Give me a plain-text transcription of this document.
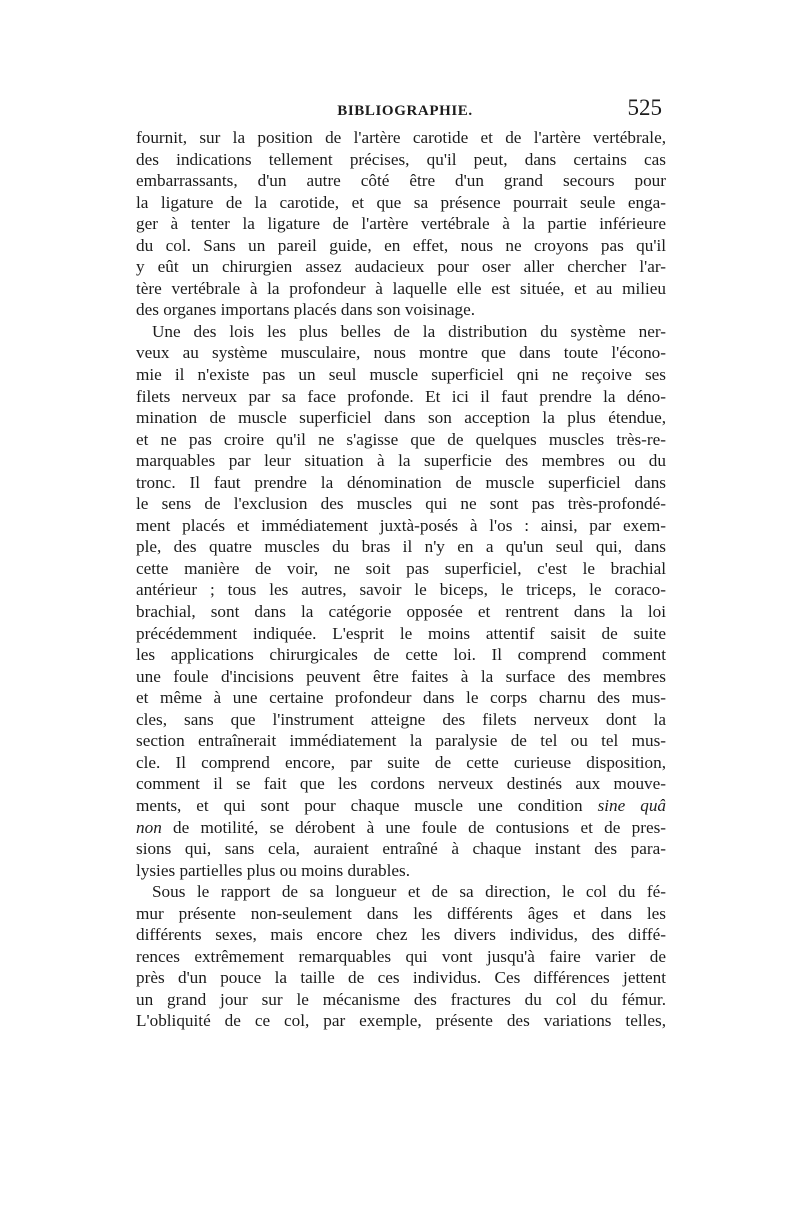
BIBLIOGRAPHIE.	525
fournit, sur la position de l'artère carotide et de l'artère vertébrale,
des indications tellement précises, qu'il peut, dans certains cas
embarrassants, d'un autre côté être d'un grand secours pour
la ligature de la carotide, et que sa présence pourrait seule enga-
ger à tenter la ligature de l'artère vertébrale à la partie inférieure
du col. Sans un pareil guide, en effet, nous ne croyons pas qu'il
y eût un chirurgien assez audacieux pour oser aller chercher l'ar-
tère vertébrale à la profondeur à laquelle elle est située, et au milieu
des organes importans placés dans son voisinage.
Une des lois les plus belles de la distribution du système ner-
veux au système musculaire, nous montre que dans toute l'écono-
mie il n'existe pas un seul muscle superficiel qni ne reçoive ses
filets nerveux par sa face profonde. Et ici il faut prendre la déno-
mination de muscle superficiel dans son acception la plus étendue,
et ne pas croire qu'il ne s'agisse que de quelques muscles très-re-
marquables par leur situation à la superficie des membres ou du
tronc. Il faut prendre la dénomination de muscle superficiel dans
le sens de l'exclusion des muscles qui ne sont pas très-profondé-
ment placés et immédiatement juxtà-posés à l'os : ainsi, par exem-
ple, des quatre muscles du bras il n'y en a qu'un seul qui, dans
cette manière de voir, ne soit pas superficiel, c'est le brachial
antérieur ; tous les autres, savoir le biceps, le triceps, le coraco-
brachial, sont dans la catégorie opposée et rentrent dans la loi
précédemment indiquée. L'esprit le moins attentif saisit de suite
les applications chirurgicales de cette loi. Il comprend comment
une foule d'incisions peuvent être faites à la surface des membres
et même à une certaine profondeur dans le corps charnu des mus-
cles, sans que l'instrument atteigne des filets nerveux dont la
section entraînerait immédiatement la paralysie de tel ou tel mus-
cle. Il comprend encore, par suite de cette curieuse disposition,
comment il se fait que les cordons nerveux destinés aux mouve-
ments, et qui sont pour chaque muscle une condition sine quâ
non de motilité, se dérobent à une foule de contusions et de pres-
sions qui, sans cela, auraient entraîné à chaque instant des para-
lysies partielles plus ou moins durables.
Sous le rapport de sa longueur et de sa direction, le col du fé-
mur présente non-seulement dans les différents âges et dans les
différents sexes, mais encore chez les divers individus, des diffé-
rences extrêmement remarquables qui vont jusqu'à faire varier de
près d'un pouce la taille de ces individus. Ces différences jettent
un grand jour sur le mécanisme des fractures du col du fémur.
L'obliquité de ce col, par exemple, présente des variations telles,
